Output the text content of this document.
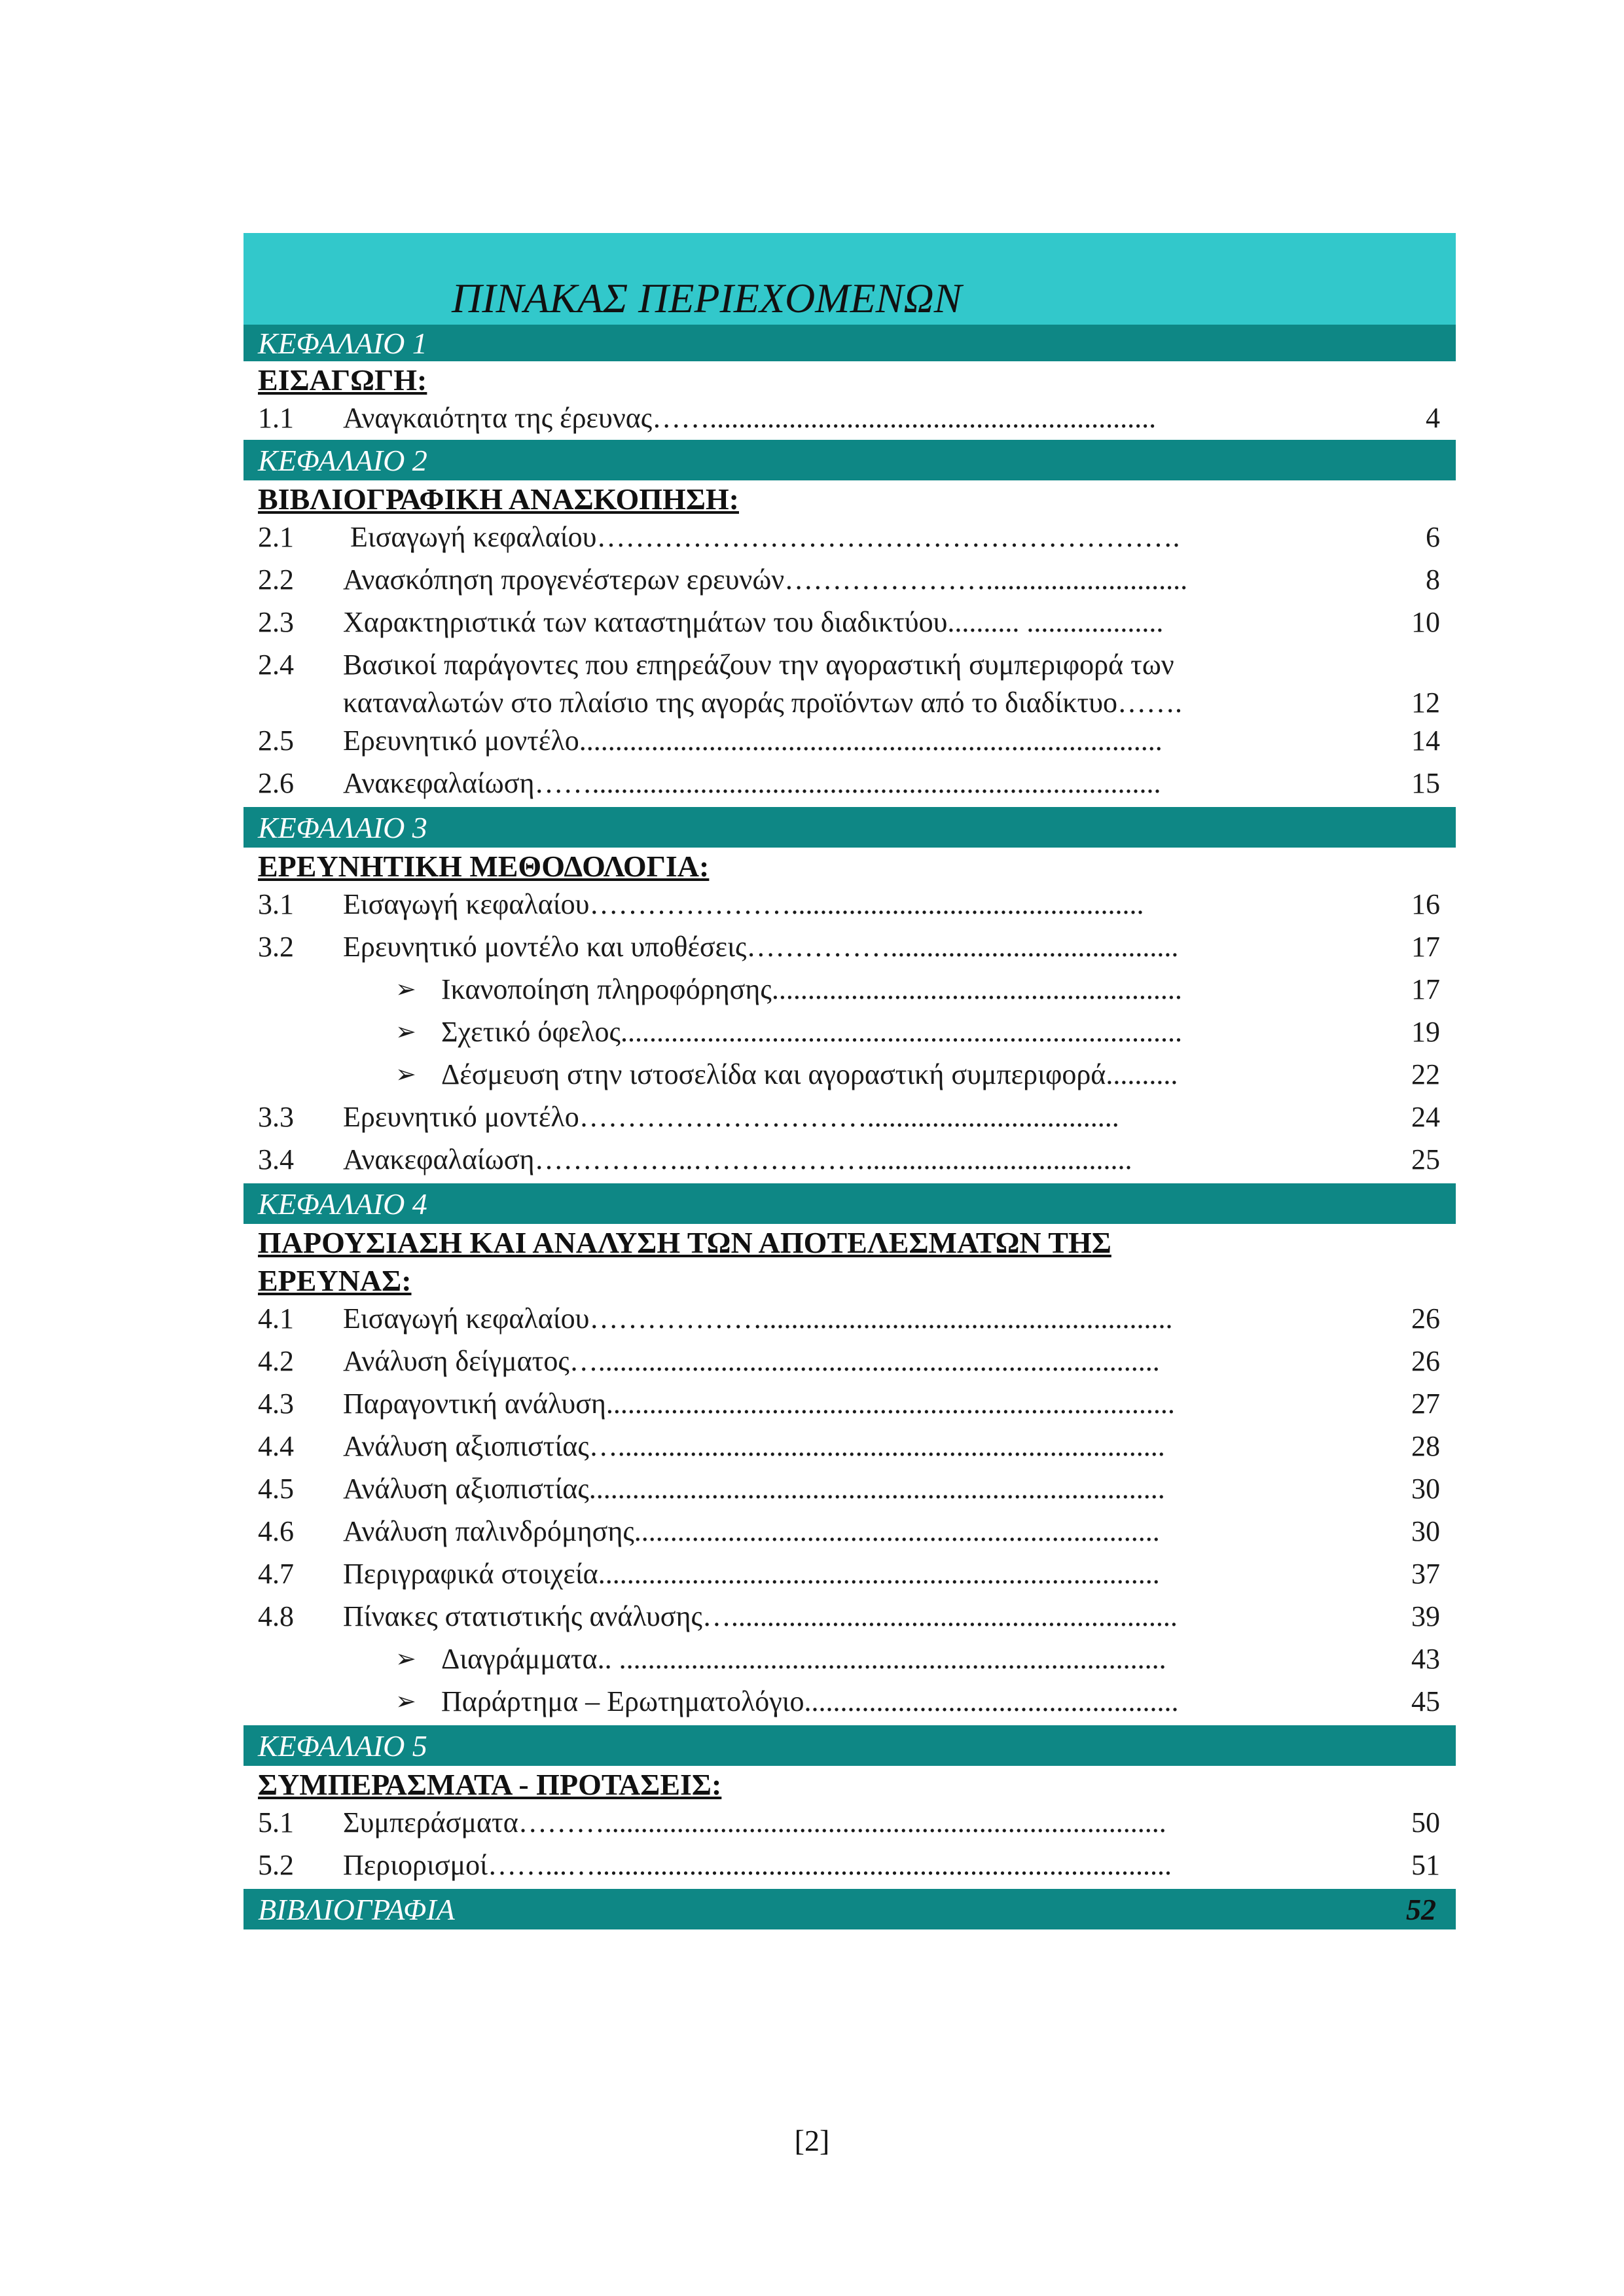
ΠΙΝΑΚΑΣ ΠΕΡΙΕΧΟΜΕΝΩΝ
ΚΕΦΑΛΑΙΟ 1
ΕΙΣΑΓΩΓΗ:
1.1	Αναγκαιότητα της έρευνας……..............................................................	4
ΚΕΦΑΛΑΙΟ 2
ΒΙΒΛΙΟΓΡΑΦΙΚΗ ΑΝΑΣΚΟΠΗΣΗ:
2.1	Εισαγωγή κεφαλαίου…………………………………………………….	6
2.2	Ανασκόπηση προγενέστερων ερευνών…………………............................	8
2.3	Χαρακτηριστικά των καταστημάτων του διαδικτύου.......... ...................	10
2.4	Βασικοί παράγοντες που επηρεάζουν την αγοραστική συμπεριφορά των καταναλωτών στο πλαίσιο της αγοράς προϊόντων από το διαδίκτυο…….	12
2.5	Ερευνητικό μοντέλο.................................................................................	14
2.6	Ανακεφαλαίωση……...............................................................................	15
ΚΕΦΑΛΑΙΟ 3
ΕΡΕΥΝΗΤΙΚΗ ΜΕΘΟΔΟΛΟΓΙΑ:
3.1	Εισαγωγή κεφαλαίου………………….................................................	16
3.2	Ερευνητικό μοντέλο και υποθέσεις……………........................................	17
➢ Ικανοποίηση πληροφόρησης.........................................................	17
➢ Σχετικό όφελος..............................................................................	19
➢ Δέσμευση στην ιστοσελίδα και αγοραστική συμπεριφορά..........	22
3.3	Ερευνητικό μοντέλο…………………………...................................	24
3.4	Ανακεφαλαίωση……………..……………….....................................	25
ΚΕΦΑΛΑΙΟ 4
ΠΑΡΟΥΣΙΑΣΗ ΚΑΙ ΑΝΑΛΥΣΗ ΤΩΝ ΑΠΟΤΕΛΕΣΜΑΤΩΝ ΤΗΣ ΕΡΕΥΝΑΣ:
4.1	Εισαγωγή κεφαλαίου……………….........................................................	26
4.2	Ανάλυση δείγματος…..............................................................................	26
4.3	Παραγοντική ανάλυση...............................................................................	27
4.4	Ανάλυση αξιοπιστίας…............................................................................	28
4.5	Ανάλυση αξιοπιστίας................................................................................	30
4.6	Ανάλυση παλινδρόμησης.........................................................................	30
4.7	Περιγραφικά στοιχεία..............................................................................	37
4.8	Πίνακες στατιστικής ανάλυσης…..............................................................	39
➢ Διαγράμματα.. ............................................................................	43
➢ Παράρτημα – Ερωτηματολόγιο....................................................	45
ΚΕΦΑΛΑΙΟ 5
ΣΥΜΠΕΡΑΣΜΑΤΑ - ΠΡΟΤΑΣΕΙΣ:
5.1	Συμπεράσματα………..............................................................................	50
5.2	Περιορισμοί……...…................................................................................	51
ΒΙΒΛΙΟΓΡΑΦΙΑ	52
[2]
